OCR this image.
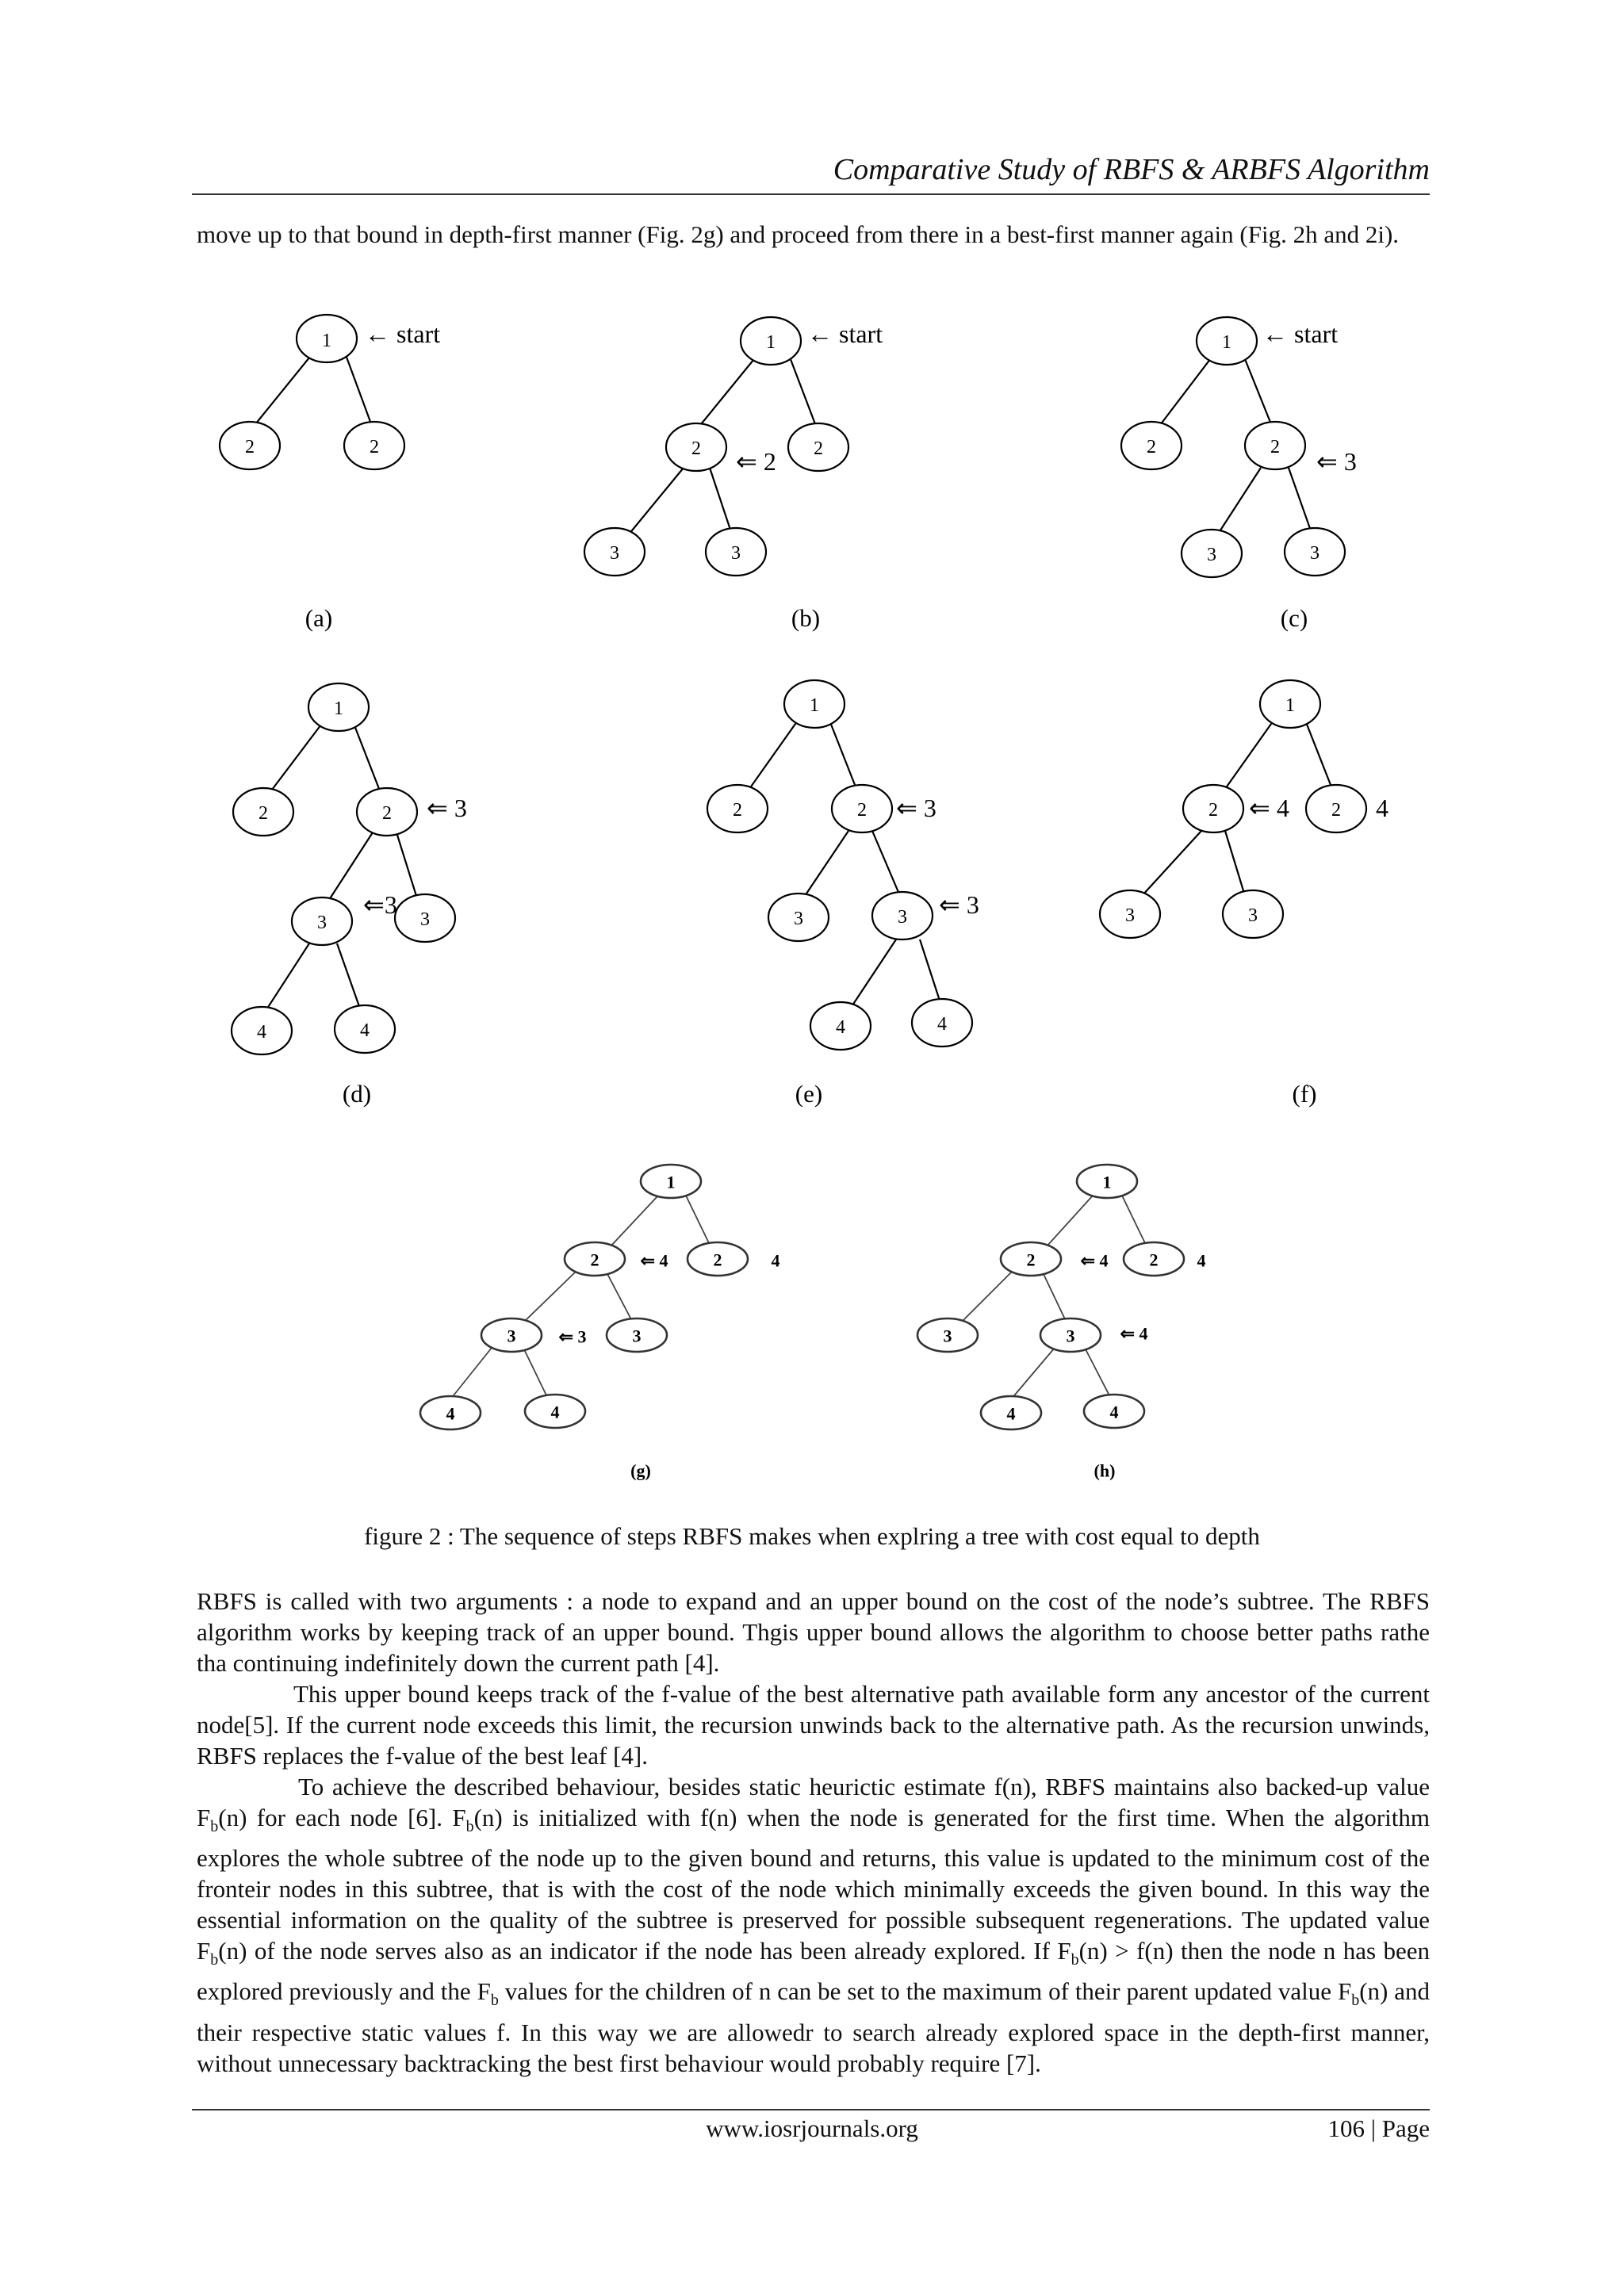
Comparative Study of RBFS & ARBFS Algorithm

move up to that bound in depth-first manner (Fig. 2g) and proceed from there in a best-first manner again (Fig. 2h and 2i).

1
2	2
← start
(a)
1
2	2
3	3
← start
⇐ 2
(b)
1
2	2
3	3
← start
⇐ 3
(c)
1
2	2
3	3
4	4
⇐ 3
⇐3
(d)
1
2	2
3	3
4	4
⇐ 3
⇐ 3
(e)
1
2	2
3	3
⇐ 4	4
(f)
1
2	2
3	3
4	4
⇐ 4	4
⇐ 3
(g)
1
2	2
3	3
4	4
⇐ 4	4
⇐ 4
(h)
figure 2 : The sequence of steps RBFS makes when explring a tree with cost equal to depth

RBFS is called with two arguments : a node to expand and an upper bound on the cost of the node’s subtree. The RBFS algorithm works by keeping track of an upper bound. Thgis upper bound allows the algorithm to choose better paths rathe tha continuing indefinitely down the current path [4].

This upper bound keeps track of the f-value of the best alternative path available form any ancestor of the current node[5]. If the current node exceeds this limit, the recursion unwinds back to the alternative path. As the recursion unwinds, RBFS replaces the f-value of the best leaf [4].

To achieve the described behaviour, besides static heurictic estimate f(n), RBFS maintains also backed-up value $F_b(n)$ for each node [6]. $F_b(n)$ is initialized with f(n) when the node is generated for the first time. When the algorithm explores the whole subtree of the node up to the given bound and returns, this value is updated to the minimum cost of the fronteir nodes in this subtree, that is with the cost of the node which minimally exceeds the given bound. In this way the essential information on the quality of the subtree is preserved for possible subsequent regenerations. The updated value $F_b(n)$ of the node serves also as an indicator if the node has been already explored. If $F_b(n) > f(n)$ then the node n has been explored previously and the $F_b$ values for the children of n can be set to the maximum of their parent updated value $F_b(n)$ and their respective static values f. In this way we are allowedr to search already explored space in the depth-first manner, without unnecessary backtracking the best first behaviour would probably require [7].

www.iosrjournals.org	106 | Page
